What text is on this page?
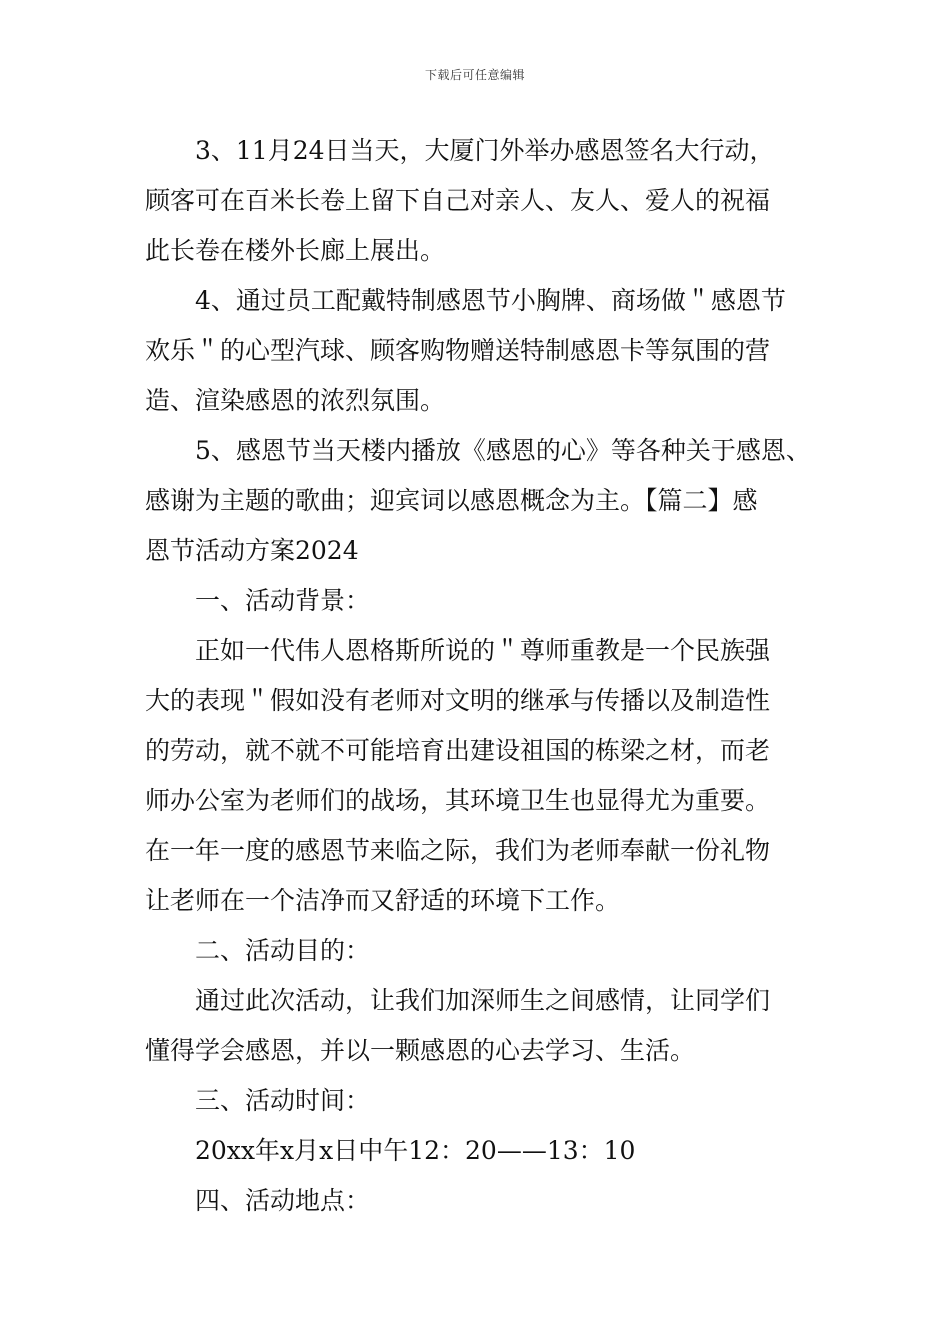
下载后可任意编辑
3、11月24日当天，大厦门外举办感恩签名大行动，
顾客可在百米长卷上留下自己对亲人、友人、爱人的祝福
此长卷在楼外长廊上展出。
4、通过员工配戴特制感恩节小胸牌、商场做＂感恩节
欢乐＂的心型汽球、顾客购物赠送特制感恩卡等氛围的营
造、渲染感恩的浓烈氛围。
5、感恩节当天楼内播放《感恩的心》等各种关于感恩、
感谢为主题的歌曲；迎宾词以感恩概念为主。【篇二】感
恩节活动方案2024
一、活动背景：
正如一代伟人恩格斯所说的＂尊师重教是一个民族强
大的表现＂假如没有老师对文明的继承与传播以及制造性
的劳动，就不就不可能培育出建设祖国的栋梁之材，而老
师办公室为老师们的战场，其环境卫生也显得尤为重要。
在一年一度的感恩节来临之际，我们为老师奉献一份礼物
让老师在一个洁净而又舒适的环境下工作。
二、活动目的：
通过此次活动，让我们加深师生之间感情，让同学们
懂得学会感恩，并以一颗感恩的心去学习、生活。
三、活动时间：
20xx年x月x日中午12：20——13：10
四、活动地点：
